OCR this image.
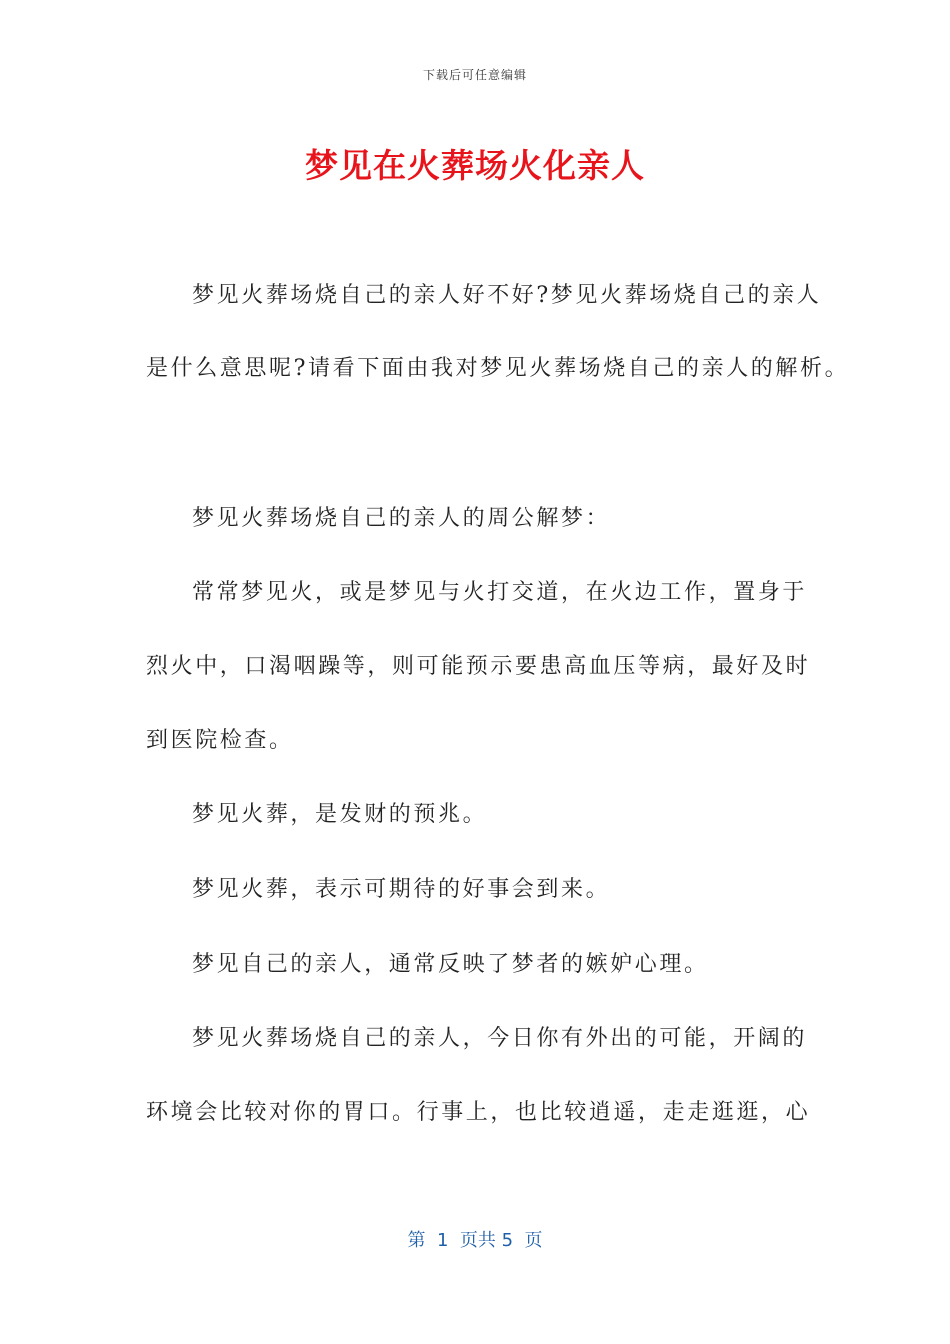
下载后可任意编辑
梦见在火葬场火化亲人
梦见火葬场烧自己的亲人好不好?梦见火葬场烧自己的亲人
是什么意思呢?请看下面由我对梦见火葬场烧自己的亲人的解析。
梦见火葬场烧自己的亲人的周公解梦：
常常梦见火，或是梦见与火打交道，在火边工作，置身于
烈火中，口渴咽躁等，则可能预示要患高血压等病，最好及时
到医院检查。
梦见火葬，是发财的预兆。
梦见火葬，表示可期待的好事会到来。
梦见自己的亲人，通常反映了梦者的嫉妒心理。
梦见火葬场烧自己的亲人，今日你有外出的可能，开阔的
环境会比较对你的胃口。行事上，也比较逍遥，走走逛逛，心
第  1  页共 5  页
